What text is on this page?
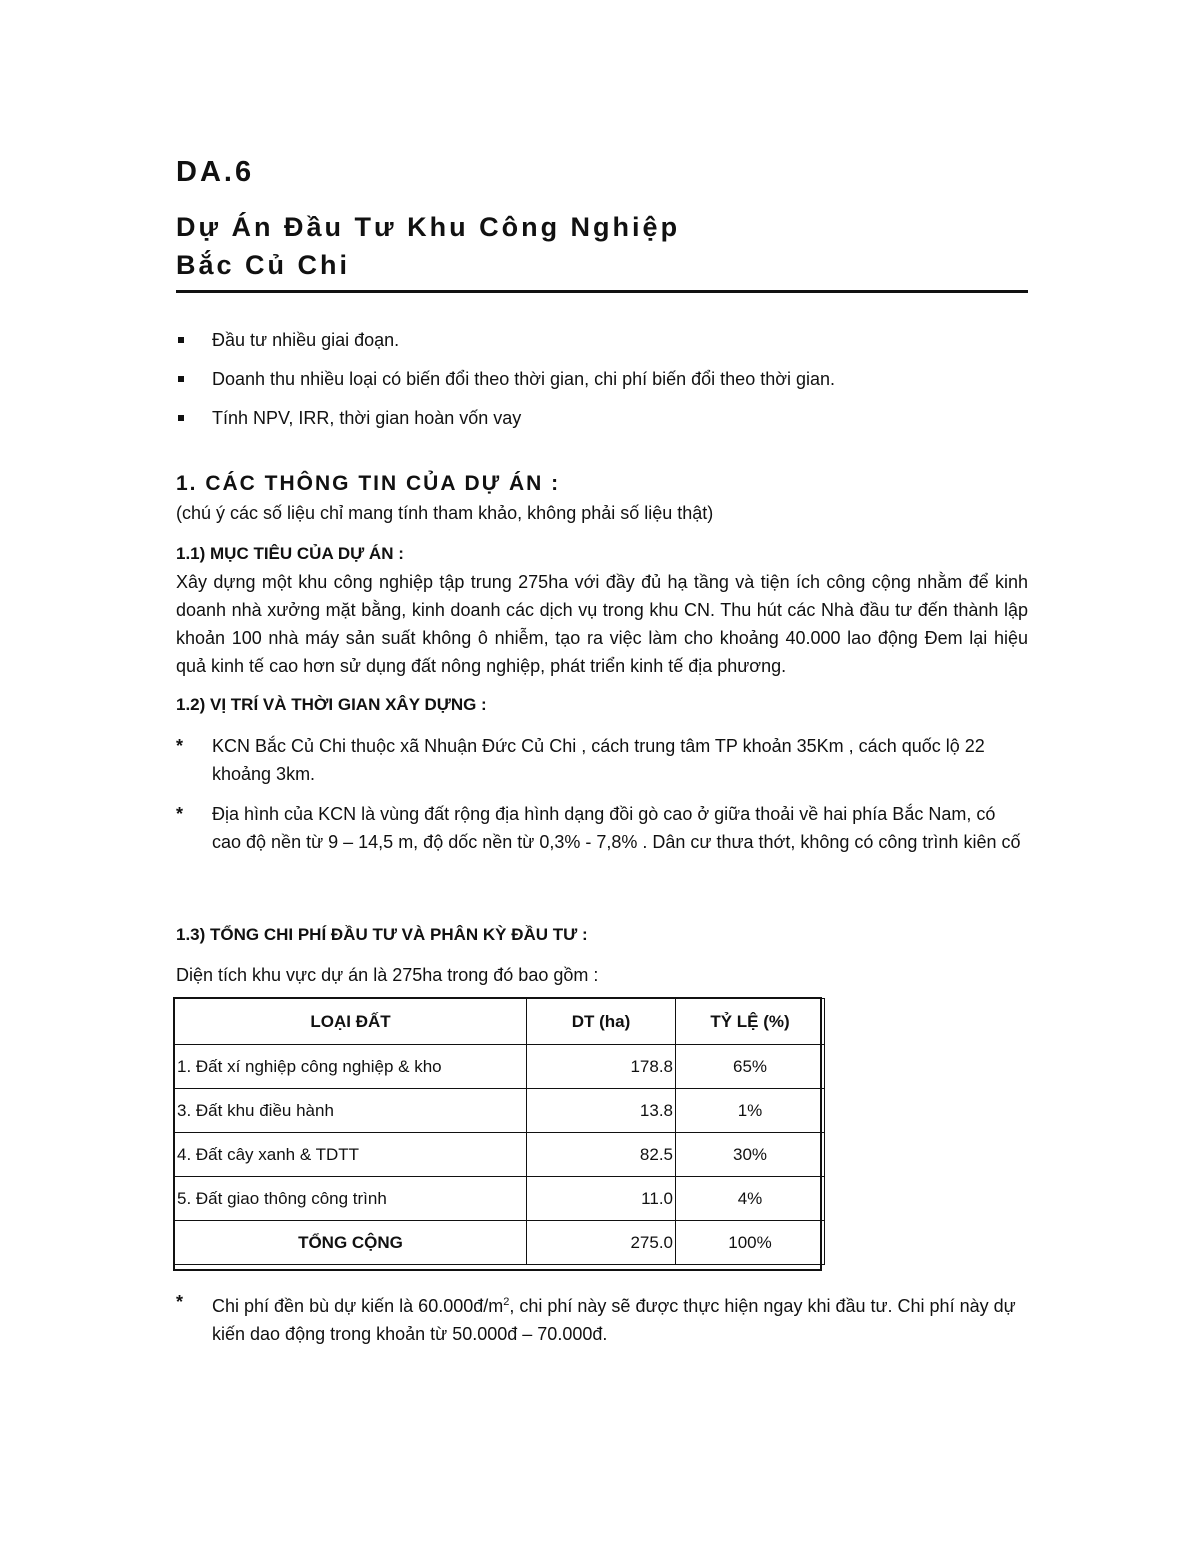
DA.6
Dự Án Đầu Tư Khu Công Nghiệp
Bắc Củ Chi
Đầu tư nhiều giai đoạn.
Doanh thu nhiều loại có biến đổi theo thời gian, chi phí biến đổi theo thời gian.
Tính NPV, IRR, thời gian hoàn vốn vay
1. CÁC THÔNG TIN CỦA DỰ ÁN :

(chú ý các số liệu chỉ mang tính tham khảo, không phải số liệu thật)

1.1) MỤC TIÊU CỦA DỰ ÁN :

Xây dựng một khu công nghiệp tập trung 275ha với đầy đủ hạ tầng và tiện ích công cộng nhằm để kinh doanh nhà xưởng mặt bằng, kinh doanh các dịch vụ trong khu CN. Thu hút các Nhà đầu tư đến thành lập khoản 100 nhà máy sản suất không ô nhiễm, tạo ra việc làm cho khoảng 40.000 lao động Đem lại hiệu quả kinh tế cao hơn sử dụng đất nông nghiệp, phát triển kinh tế địa phương.

1.2) VỊ TRÍ VÀ THỜI GIAN XÂY DỰNG :
* KCN Bắc Củ Chi thuộc xã Nhuận Đức Củ Chi , cách trung tâm TP khoản 35Km , cách quốc lộ 22 khoảng 3km.
* Địa hình của KCN là vùng đất rộng địa hình dạng đồi gò cao ở giữa thoải về hai phía Bắc Nam, có cao độ nền từ 9 – 14,5 m, độ dốc nền từ 0,3% - 7,8% . Dân cư thưa thớt, không có công trình kiên cố
1.3) TỔNG CHI PHÍ ĐẦU TƯ VÀ PHÂN KỲ ĐẦU TƯ :

Diện tích khu vực dự án là 275ha trong đó bao gồm :

LOẠI ĐẤT	DT (ha)	TỶ LỆ (%)
1. Đất xí nghiệp công nghiệp & kho	178.8	65%
3. Đất khu điều hành	13.8	1%
4. Đất cây xanh & TDTT	82.5	30%
5. Đất giao thông công trình	11.0	4%
TỔNG CỘNG	275.0	100%
* Chi phí đền bù dự kiến là $60.000đ/m^2$, chi phí này sẽ được thực hiện ngay khi đầu tư. Chi phí này dự kiến dao động trong khoản từ 50.000đ – 70.000đ.
